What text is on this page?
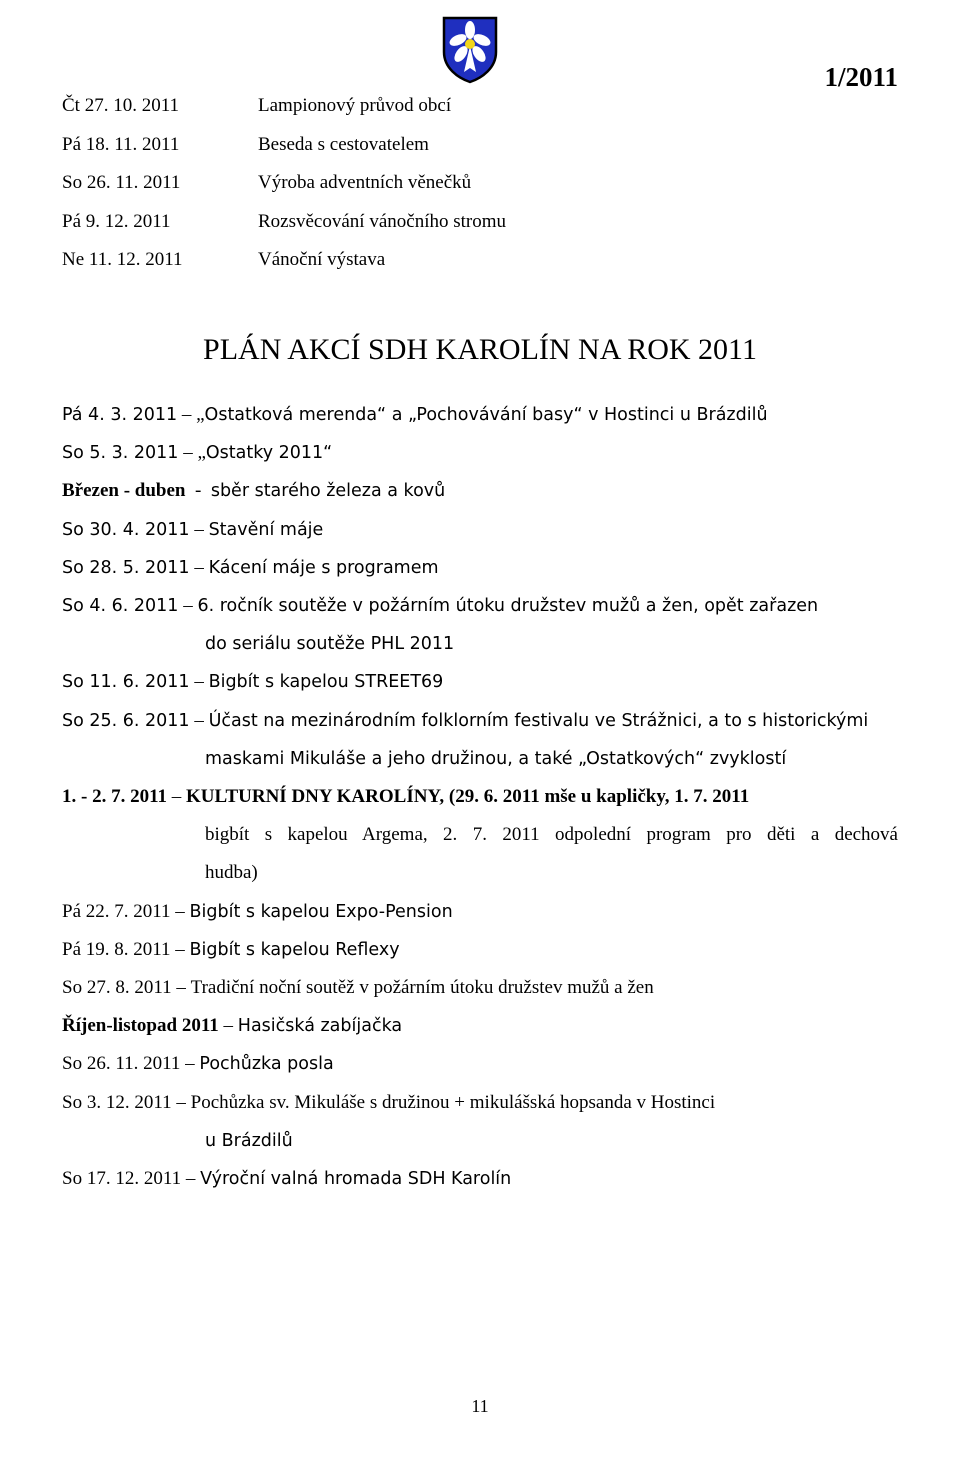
1/2011
Čt 27. 10. 2011	Lampionový průvod obcí
Pá 18. 11. 2011	Beseda s cestovatelem
So 26. 11. 2011	Výroba adventních věnečků
Pá 9. 12. 2011	Rozsvěcování vánočního stromu
Ne 11. 12. 2011	Vánoční výstava
PLÁN AKCÍ SDH KAROLÍN NA ROK 2011
Pá 4. 3. 2011 – „Ostatková merenda“ a „Pochovávání basy“ v Hostinci u Brázdilů
So 5. 3. 2011 – „Ostatky 2011“
Březen - duben  -  sběr starého železa a kovů
So 30. 4. 2011 – Stavění máje
So 28. 5. 2011 – Kácení máje s programem
So 4. 6. 2011 – 6. ročník soutěže v požárním útoku družstev mužů a žen, opět zařazen
do seriálu soutěže PHL 2011
So 11. 6. 2011 – Bigbít s kapelou STREET69
So 25. 6. 2011 – Účast na mezinárodním folklorním festivalu ve Strážnici, a to s historickými
maskami Mikuláše a jeho družinou, a také „Ostatkových“ zvyklostí
1. - 2. 7. 2011 – KULTURNÍ DNY KAROLÍNY, (29. 6. 2011 mše u kapličky, 1. 7. 2011
bigbít s kapelou Argema, 2. 7. 2011 odpolední program pro děti a dechová
hudba)
Pá 22. 7. 2011 – Bigbít s kapelou Expo-Pension
Pá 19. 8. 2011 – Bigbít s kapelou Reflexy
So 27. 8. 2011 – Tradiční noční soutěž v požárním útoku družstev mužů a žen
Říjen-listopad 2011 – Hasičská zabíjačka
So 26. 11. 2011 – Pochůzka posla
So 3. 12. 2011 – Pochůzka sv. Mikuláše s družinou + mikulášská hopsanda v Hostinci
u Brázdilů
So 17. 12. 2011 – Výroční valná hromada SDH Karolín
11
